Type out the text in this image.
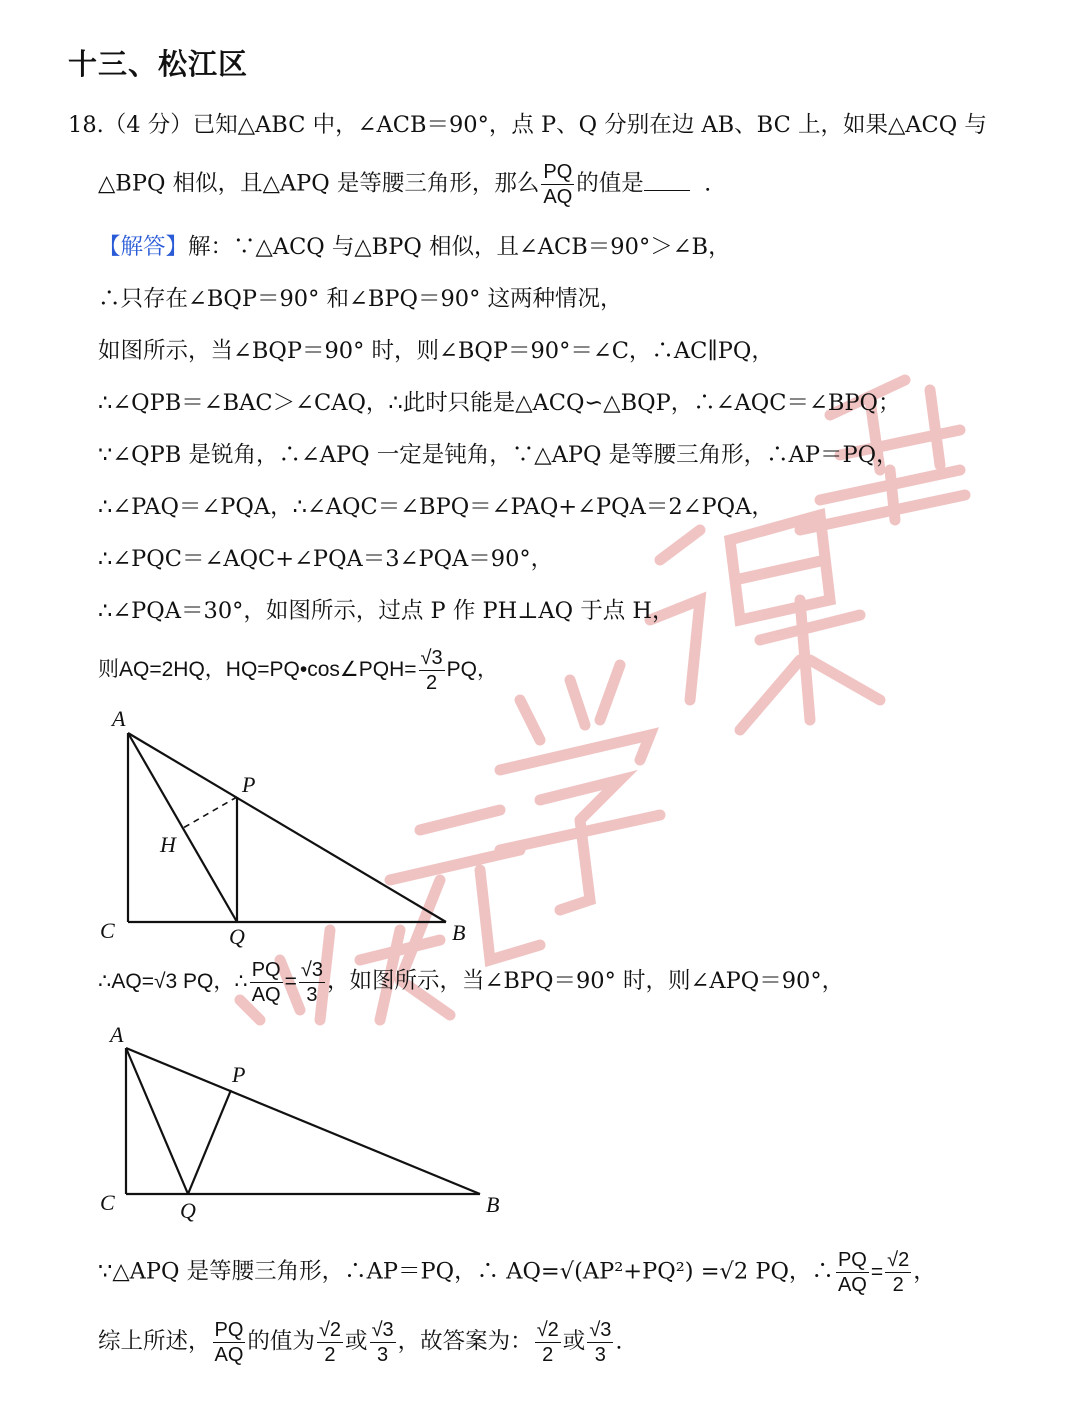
十三、松江区
18.（4 分）已知△ABC 中，∠ACB＝90°，点 P、Q 分别在边 AB、BC 上，如果△ACQ 与
△BPQ 相似，且△APQ 是等腰三角形，那么 $\frac{PQ}{AQ}$ 的值是	.
【解答】解：∵△ACQ 与△BPQ 相似，且∠ACB＝90°＞∠B，
∴只存在∠BQP＝90° 和∠BPQ＝90° 这两种情况，
如图所示，当∠BQP＝90° 时，则∠BQP＝90°＝∠C，∴AC∥PQ，
∴∠QPB＝∠BAC＞∠CAQ，∴此时只能是△ACQ∽△BQP，∴∠AQC＝∠BPQ；
∵∠QPB 是锐角，∴∠APQ 一定是钝角，∵△APQ 是等腰三角形，∴AP＝PQ，
∴∠PAQ＝∠PQA，∴∠AQC＝∠BPQ＝∠PAQ+∠PQA＝2∠PQA，
∴∠PQC＝∠AQC+∠PQA＝3∠PQA＝90°，
∴∠PQA＝30°，如图所示，过点 P 作 PH⊥AQ 于点 H，
则AQ=2HQ，HQ=PQ•cos∠PQH= $\frac{√3}{2}$ PQ，
A
P
H
C	Q	B
∴AQ=√3 PQ，∴ $\frac{PQ}{AQ} = \frac{√3}{3}$ ，如图所示，当∠BPQ＝90° 时，则∠APQ＝90°，
A
P
C	Q	B
∵△APQ 是等腰三角形，∴AP＝PQ，∴ AQ=√(AP²+PQ²) =√2 PQ，∴ $\frac{PQ}{AQ} = \frac{√2}{2}$ ，
综上所述， $\frac{PQ}{AQ}$ 的值为 $\frac{√2}{2}$ 或 $\frac{√3}{3}$ ，故答案为： $\frac{√2}{2}$ 或 $\frac{√3}{3}$ .
